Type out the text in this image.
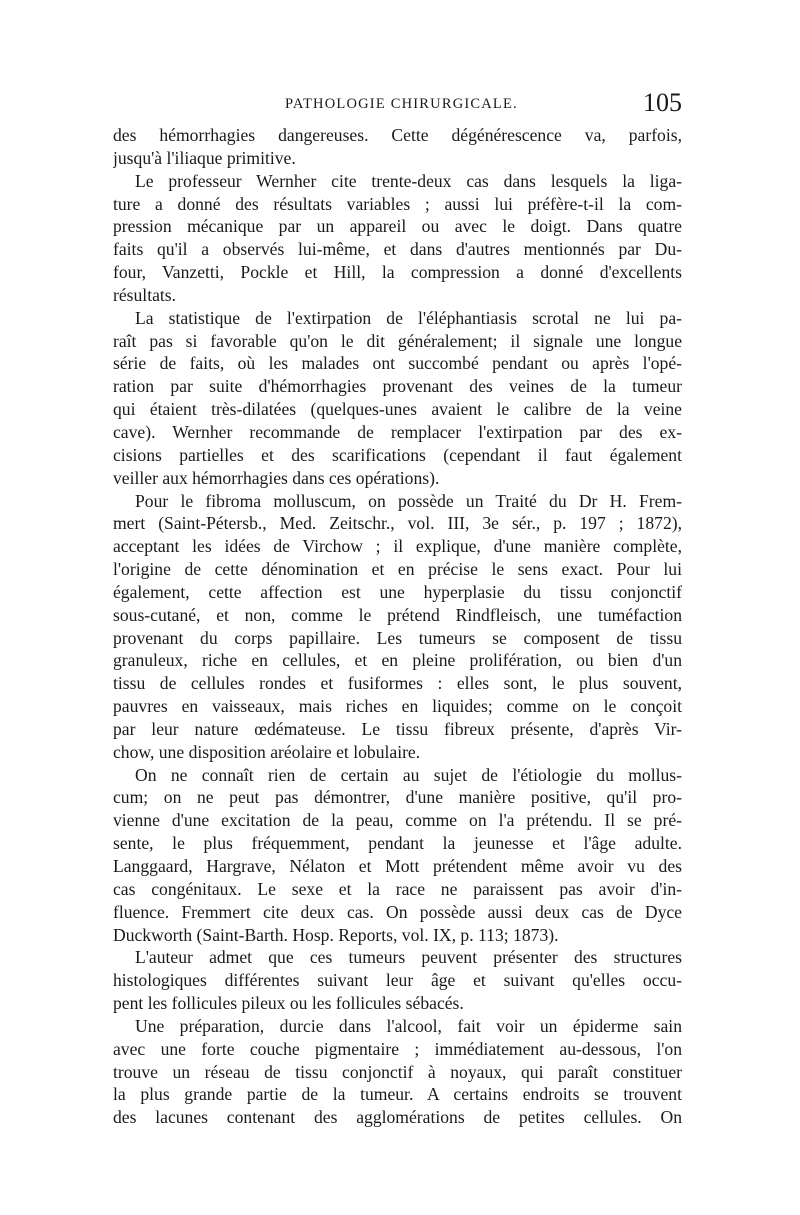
PATHOLOGIE CHIRURGICALE.	105
des hémorrhagies dangereuses. Cette dégénérescence va, parfois,
jusqu'à l'iliaque primitive.
Le professeur Wernher cite trente-deux cas dans lesquels la liga-
ture a donné des résultats variables ; aussi lui préfère-t-il la com-
pression mécanique par un appareil ou avec le doigt. Dans quatre
faits qu'il a observés lui-même, et dans d'autres mentionnés par Du-
four, Vanzetti, Pockle et Hill, la compression a donné d'excellents
résultats.
La statistique de l'extirpation de l'éléphantiasis scrotal ne lui pa-
raît pas si favorable qu'on le dit généralement; il signale une longue
série de faits, où les malades ont succombé pendant ou après l'opé-
ration par suite d'hémorrhagies provenant des veines de la tumeur
qui étaient très-dilatées (quelques-unes avaient le calibre de la veine
cave). Wernher recommande de remplacer l'extirpation par des ex-
cisions partielles et des scarifications (cependant il faut également
veiller aux hémorrhagies dans ces opérations).
Pour le fibroma molluscum, on possède un Traité du Dr H. Frem-
mert (Saint-Pétersb., Med. Zeitschr., vol. III, 3e sér., p. 197 ; 1872),
acceptant les idées de Virchow ; il explique, d'une manière complète,
l'origine de cette dénomination et en précise le sens exact. Pour lui
également, cette affection est une hyperplasie du tissu conjonctif
sous-cutané, et non, comme le prétend Rindfleisch, une tuméfaction
provenant du corps papillaire. Les tumeurs se composent de tissu
granuleux, riche en cellules, et en pleine prolifération, ou bien d'un
tissu de cellules rondes et fusiformes : elles sont, le plus souvent,
pauvres en vaisseaux, mais riches en liquides; comme on le conçoit
par leur nature œdémateuse. Le tissu fibreux présente, d'après Vir-
chow, une disposition aréolaire et lobulaire.
On ne connaît rien de certain au sujet de l'étiologie du mollus-
cum; on ne peut pas démontrer, d'une manière positive, qu'il pro-
vienne d'une excitation de la peau, comme on l'a prétendu. Il se pré-
sente, le plus fréquemment, pendant la jeunesse et l'âge adulte.
Langgaard, Hargrave, Nélaton et Mott prétendent même avoir vu des
cas congénitaux. Le sexe et la race ne paraissent pas avoir d'in-
fluence. Fremmert cite deux cas. On possède aussi deux cas de Dyce
Duckworth (Saint-Barth. Hosp. Reports, vol. IX, p. 113; 1873).
L'auteur admet que ces tumeurs peuvent présenter des structures
histologiques différentes suivant leur âge et suivant qu'elles occu-
pent les follicules pileux ou les follicules sébacés.
Une préparation, durcie dans l'alcool, fait voir un épiderme sain
avec une forte couche pigmentaire ; immédiatement au-dessous, l'on
trouve un réseau de tissu conjonctif à noyaux, qui paraît constituer
la plus grande partie de la tumeur. A certains endroits se trouvent
des lacunes contenant des agglomérations de petites cellules. On
